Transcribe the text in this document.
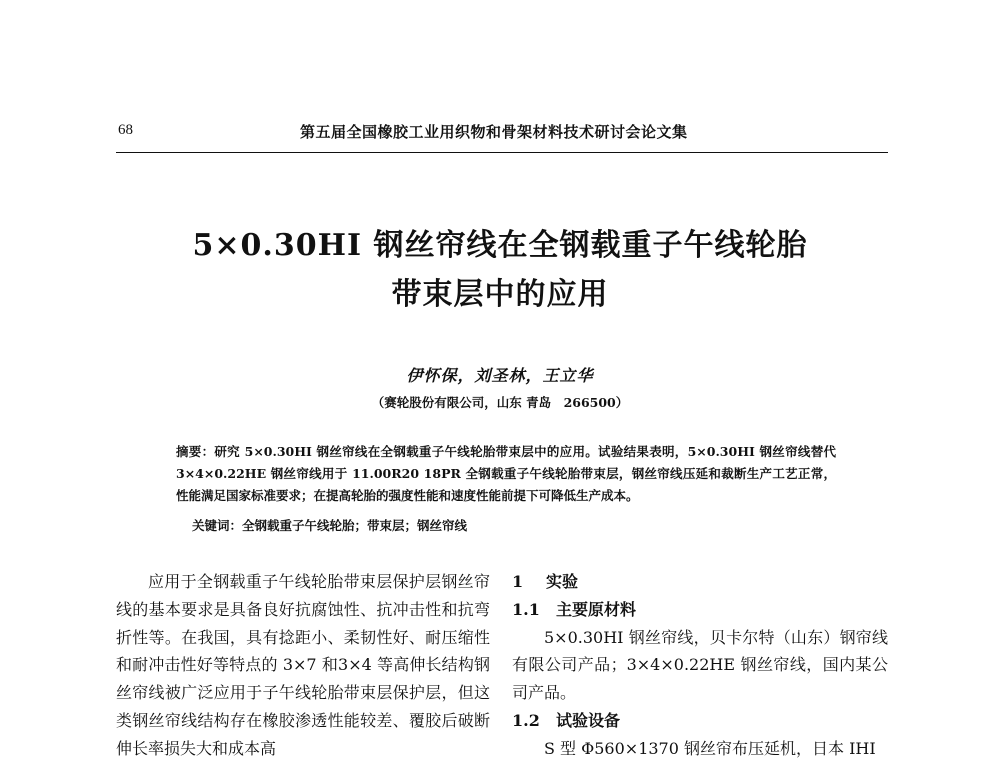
68	第五届全国橡胶工业用织物和骨架材料技术研讨会论文集
5×0.30HI 钢丝帘线在全钢载重子午线轮胎
带束层中的应用
伊怀保，刘圣林，王立华
（赛轮股份有限公司，山东 青岛　266500）
摘要：研究 5×0.30HI 钢丝帘线在全钢载重子午线轮胎带束层中的应用。试验结果表明，5×0.30HI 钢丝帘线替代 3×4×0.22HE 钢丝帘线用于 11.00R20 18PR 全钢载重子午线轮胎带束层，钢丝帘线压延和裁断生产工艺正常，性能满足国家标准要求；在提高轮胎的强度性能和速度性能前提下可降低生产成本。
关键词：全钢载重子午线轮胎；带束层；钢丝帘线

应用于全钢载重子午线轮胎带束层保护层钢丝帘线的基本要求是具备良好抗腐蚀性、抗冲击性和抗弯折性等。在我国，具有捻距小、柔韧性好、耐压缩性和耐冲击性好等特点的 3×7 和3×4 等高伸长结构钢丝帘线被广泛应用于子午线轮胎带束层保护层，但这类钢丝帘线结构存在橡胶渗透性能较差、覆胶后破断伸长率损失大和成本高

1 实验
1.1 主要原材料

5×0.30HI 钢丝帘线，贝卡尔特（山东）钢帘线有限公司产品；3×4×0.22HE 钢丝帘线，国内某公司产品。

1.2 试验设备

S 型 Φ560×1370 钢丝帘布压延机，日本 IHI
